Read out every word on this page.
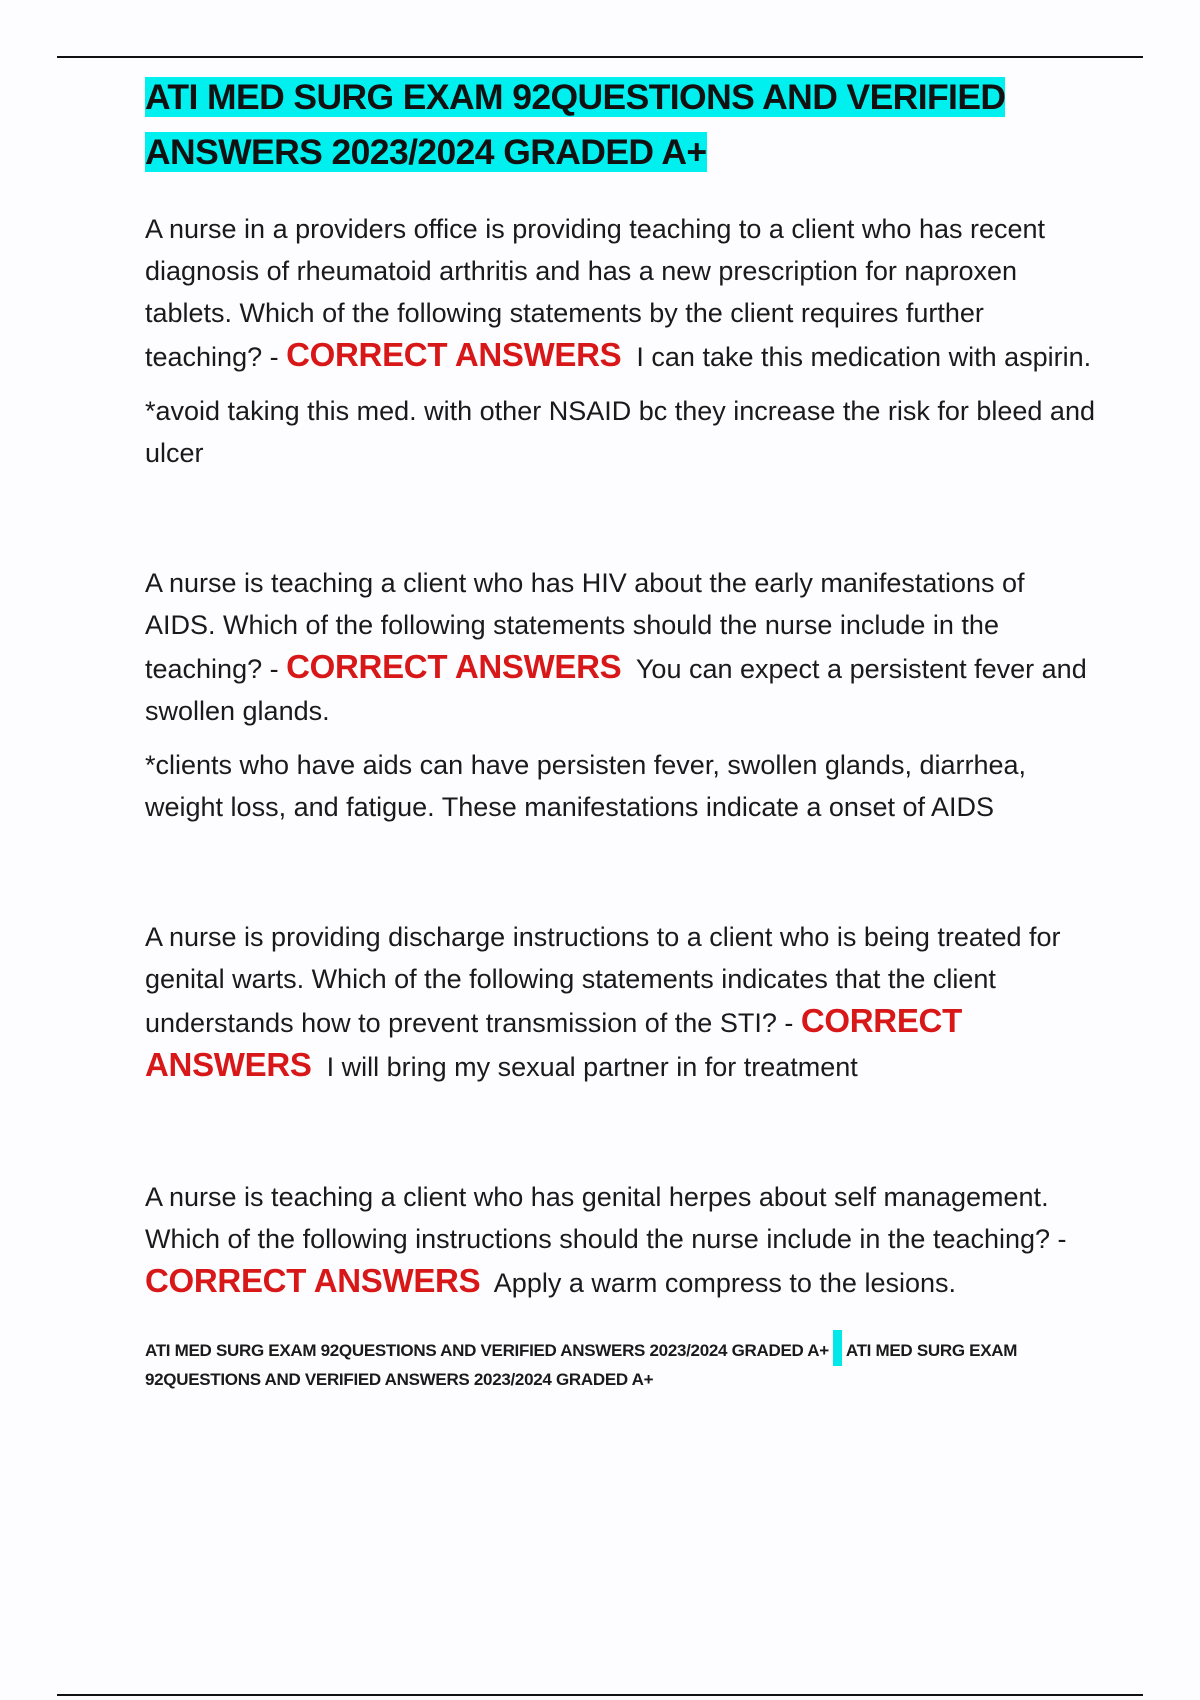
ATI MED SURG EXAM 92QUESTIONS AND VERIFIED ANSWERS 2023/2024 GRADED A+

A nurse in a providers office is providing teaching to a client who has recent diagnosis of rheumatoid arthritis and has a new prescription for naproxen tablets. Which of the following statements by the client requires further teaching? - CORRECT ANSWERS I can take this medication with aspirin.

*avoid taking this med. with other NSAID bc they increase the risk for bleed and ulcer

A nurse is teaching a client who has HIV about the early manifestations of AIDS. Which of the following statements should the nurse include in the teaching? - CORRECT ANSWERS You can expect a persistent fever and swollen glands.

*clients who have aids can have persisten fever, swollen glands, diarrhea, weight loss, and fatigue. These manifestations indicate a onset of AIDS

A nurse is providing discharge instructions to a client who is being treated for genital warts. Which of the following statements indicates that the client understands how to prevent transmission of the STI? - CORRECT ANSWERS I will bring my sexual partner in for treatment

A nurse is teaching a client who has genital herpes about self management. Which of the following instructions should the nurse include in the teaching? - CORRECT ANSWERS Apply a warm compress to the lesions.

ATI MED SURG EXAM 92QUESTIONS AND VERIFIED ANSWERS 2023/2024 GRADED A+ ATI MED SURG EXAM 92QUESTIONS AND VERIFIED ANSWERS 2023/2024 GRADED A+
